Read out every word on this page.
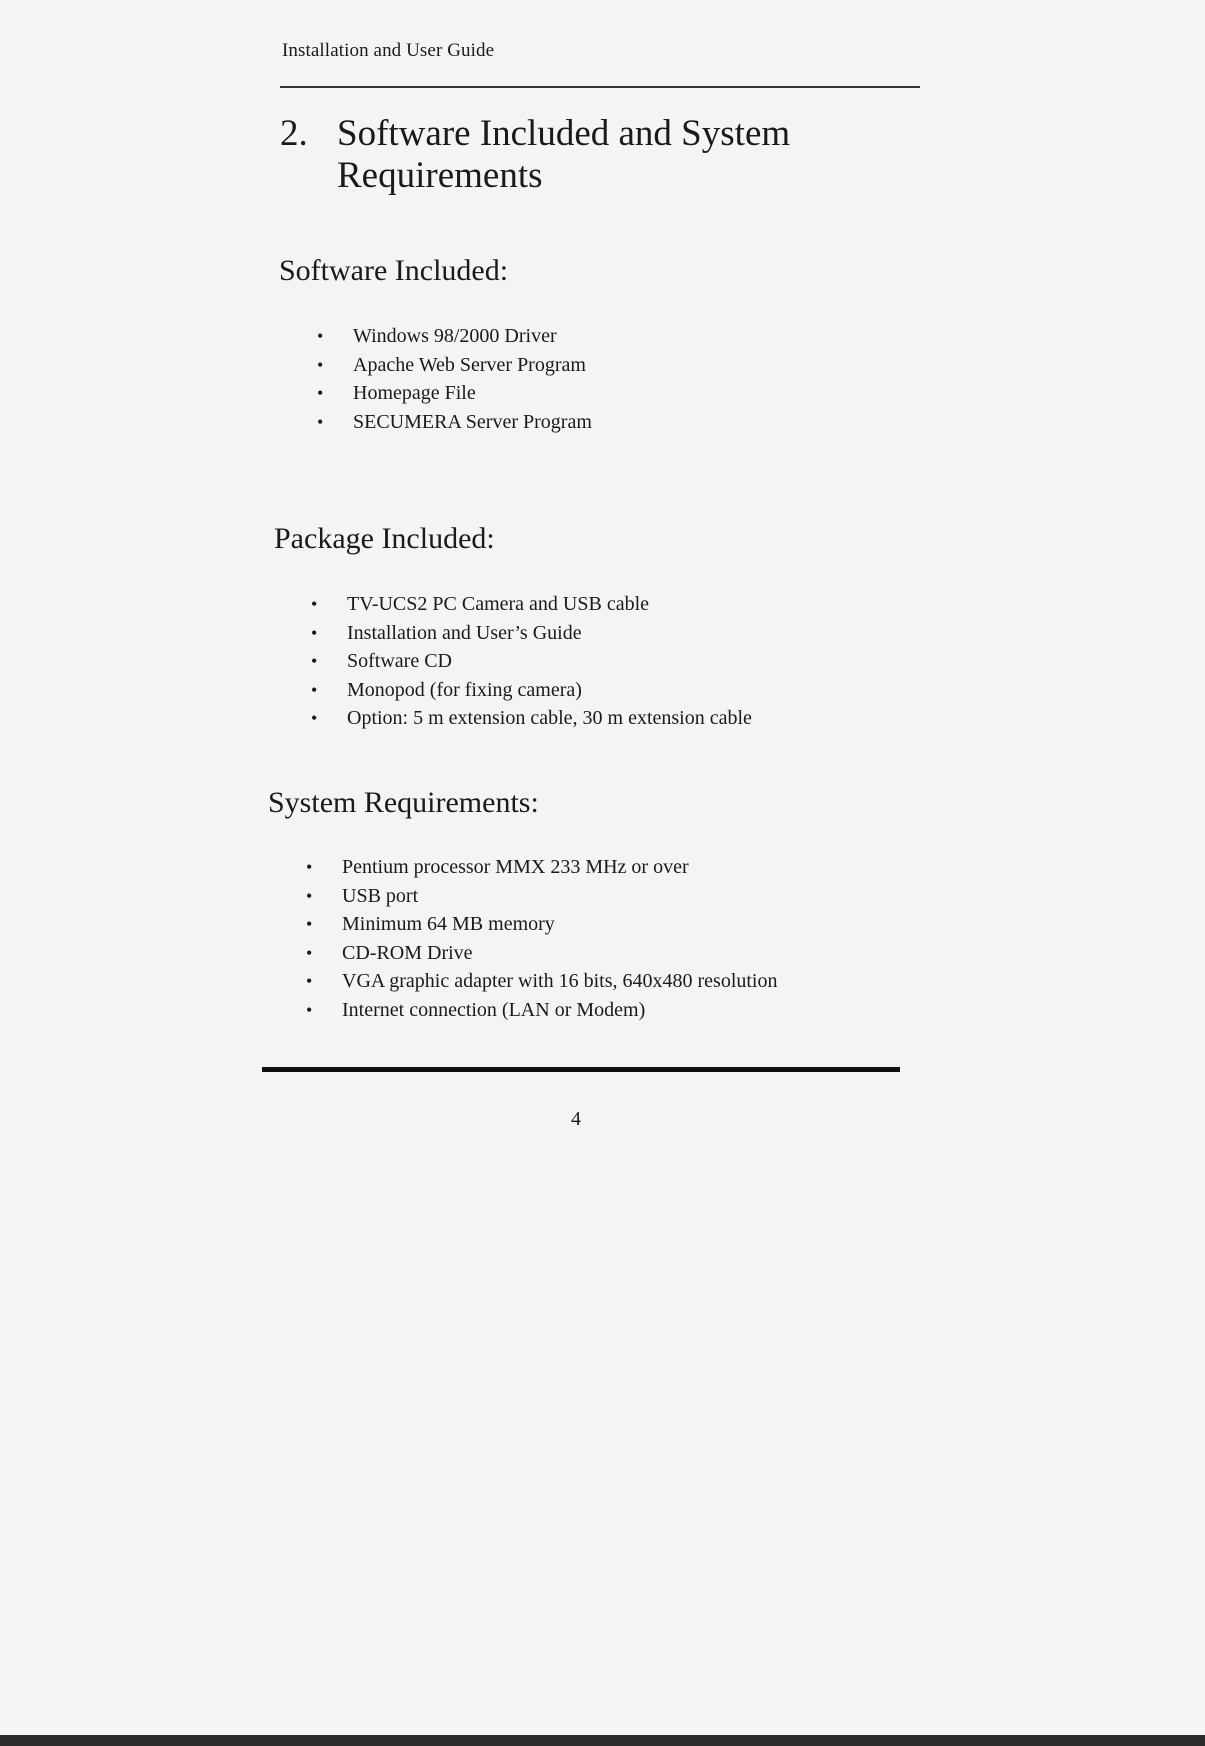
Installation and User Guide
2. Software Included and System Requirements
Software Included:
• Windows 98/2000 Driver
• Apache Web Server Program
• Homepage File
• SECUMERA Server Program
Package Included:
• TV-UCS2 PC Camera and USB cable
• Installation and User’s Guide
• Software CD
• Monopod (for fixing camera)
• Option: 5 m extension cable, 30 m extension cable
System Requirements:
• Pentium processor MMX 233 MHz or over
• USB port
• Minimum 64 MB memory
• CD-ROM Drive
• VGA graphic adapter with 16 bits, 640x480 resolution
• Internet connection (LAN or Modem)
4
